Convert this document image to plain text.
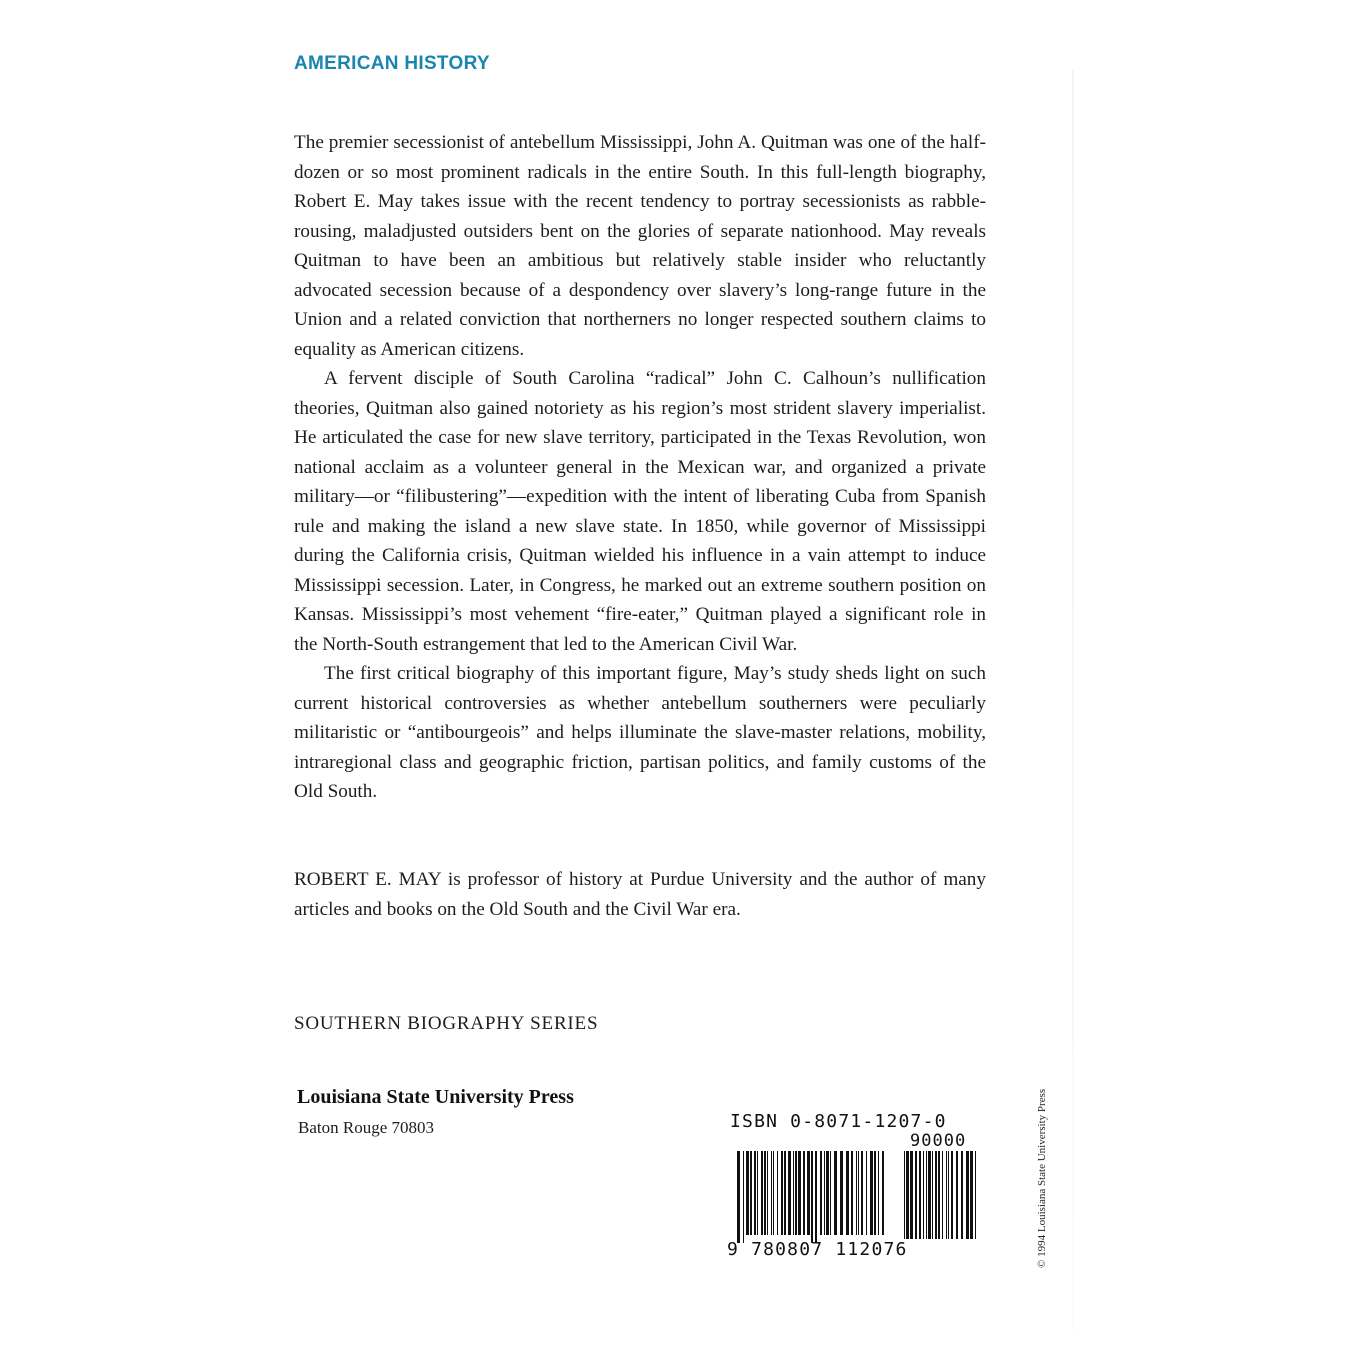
AMERICAN HISTORY

The premier secessionist of antebellum Mississippi, John A. Quitman was one of the half-dozen or so most prominent radicals in the entire South. In this full-length biography, Robert E. May takes issue with the recent tendency to portray secessionists as rabble-rousing, maladjusted outsiders bent on the glories of separate nationhood. May reveals Quitman to have been an ambitious but relatively stable insider who reluctantly advocated secession because of a despondency over slavery’s long-range future in the Union and a related conviction that northerners no longer respected southern claims to equality as American citizens.

A fervent disciple of South Carolina “radical” John C. Calhoun’s nullification theories, Quitman also gained notoriety as his region’s most strident slavery imperialist. He articulated the case for new slave territory, participated in the Texas Revolution, won national acclaim as a volunteer general in the Mexican war, and organized a private military—or “filibustering”—expedition with the intent of liberating Cuba from Spanish rule and making the island a new slave state. In 1850, while governor of Mississippi during the California crisis, Quitman wielded his influence in a vain attempt to induce Mississippi secession. Later, in Congress, he marked out an extreme southern position on Kansas. Mississippi’s most vehement “fire-eater,” Quitman played a significant role in the North-South estrangement that led to the American Civil War.

The first critical biography of this important figure, May’s study sheds light on such current historical controversies as whether antebellum southerners were peculiarly militaristic or “antibourgeois” and helps illuminate the slave-master relations, mobility, intraregional class and geographic friction, partisan politics, and family customs of the Old South.

ROBERT E. MAY is professor of history at Purdue University and the author of many articles and books on the Old South and the Civil War era.
SOUTHERN BIOGRAPHY SERIES
Louisiana State University Press
Baton Rouge 70803	ISBN 0-8071-1207-0
90000
9 780807 112076	© 1994 Louisiana State University Press
